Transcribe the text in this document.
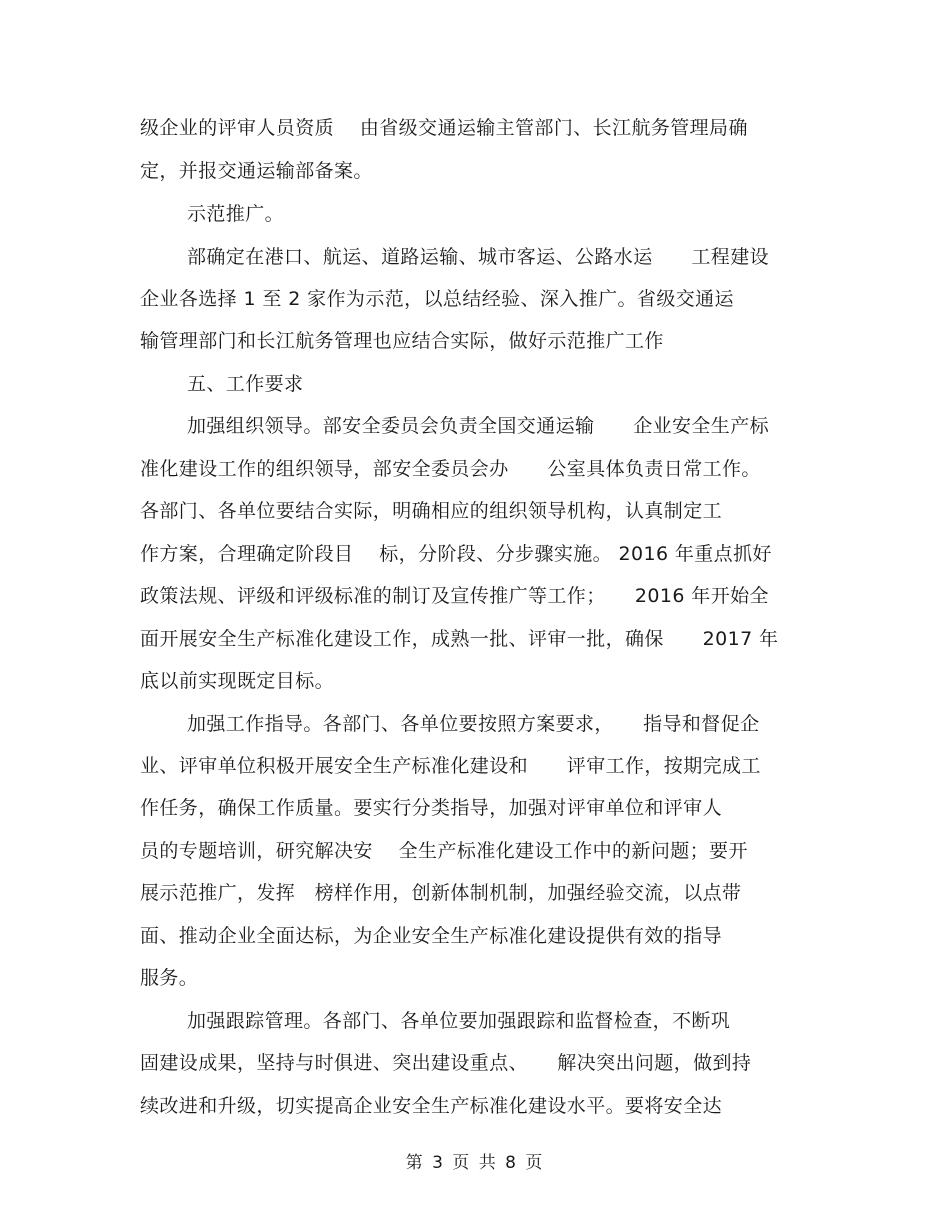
级企业的评审人员资质　 由省级交通运输主管部门、长江航务管理局确
定，并报交通运输部备案。
示范推广。
部确定在港口、航运、道路运输、城市客运、公路水运　　工程建设
企业各选择 1 至 2 家作为示范，以总结经验、深入推广。省级交通运
输管理部门和长江航务管理也应结合实际，做好示范推广工作
五、工作要求
加强组织领导。部安全委员会负责全国交通运输　　企业安全生产标
准化建设工作的组织领导，部安全委员会办　　公室具体负责日常工作。
各部门、各单位要结合实际，明确相应的组织领导机构，认真制定工
作方案，合理确定阶段目　 标，分阶段、分步骤实施。 2016 年重点抓好
政策法规、评级和评级标准的制订及宣传推广等工作；　　2016 年开始全
面开展安全生产标准化建设工作，成熟一批、评审一批，确保　　2017 年
底以前实现既定目标。
加强工作指导。各部门、各单位要按照方案要求，　　指导和督促企
业、评审单位积极开展安全生产标准化建设和　　评审工作，按期完成工
作任务，确保工作质量。要实行分类指导，加强对评审单位和评审人
员的专题培训，研究解决安　 全生产标准化建设工作中的新问题；要开
展示范推广，发挥　榜样作用，创新体制机制，加强经验交流，以点带
面、推动企业全面达标，为企业安全生产标准化建设提供有效的指导
服务。
加强跟踪管理。各部门、各单位要加强跟踪和监督检查，不断巩
固建设成果，坚持与时俱进、突出建设重点、　　解决突出问题，做到持
续改进和升级，切实提高企业安全生产标准化建设水平。要将安全达
第 3 页 共 8 页
